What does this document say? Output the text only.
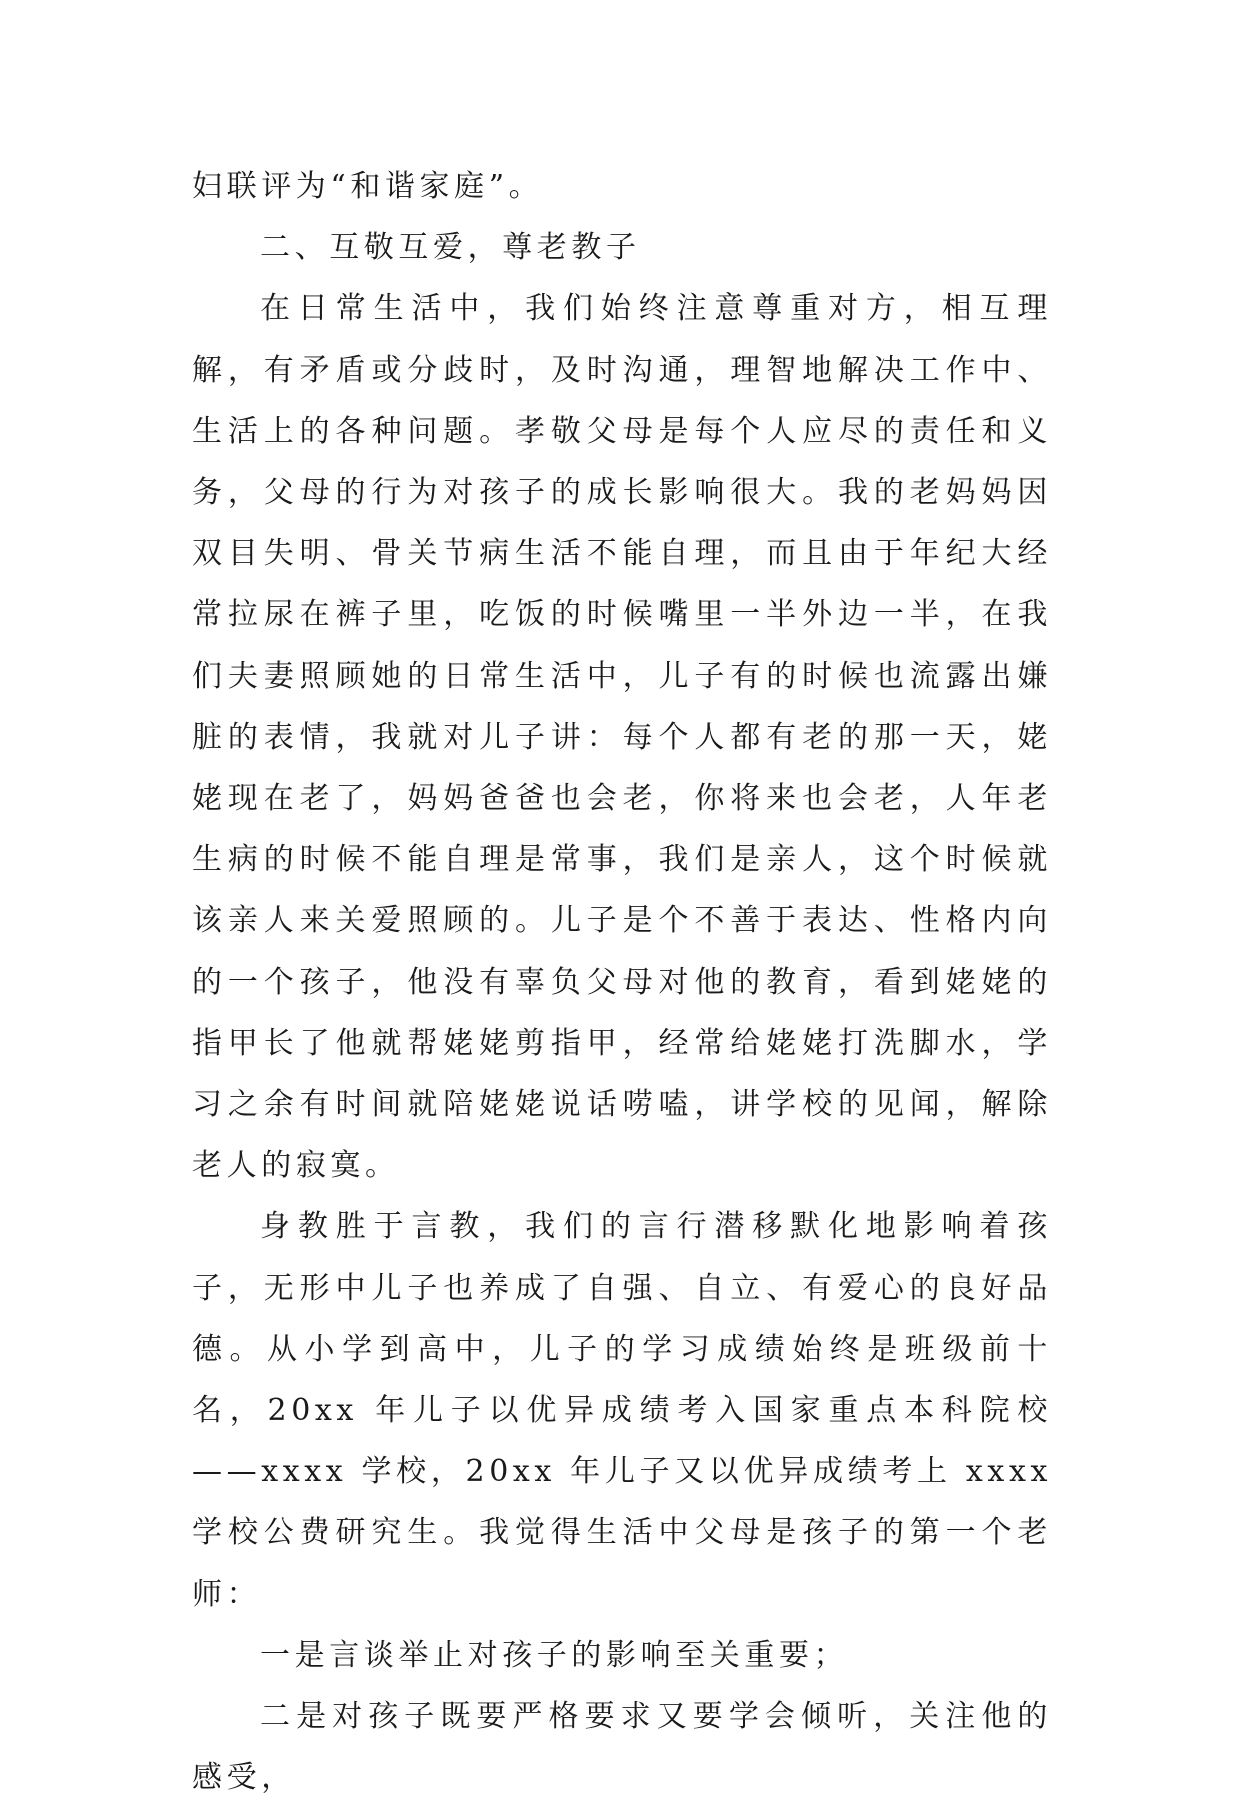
妇联评为“和谐家庭”。

二、互敬互爱，尊老教子

在日常生活中，我们始终注意尊重对方，相互理解，有矛盾或分歧时，及时沟通，理智地解决工作中、生活上的各种问题。孝敬父母是每个人应尽的责任和义务，父母的行为对孩子的成长影响很大。我的老妈妈因双目失明、骨关节病生活不能自理，而且由于年纪大经常拉尿在裤子里，吃饭的时候嘴里一半外边一半，在我们夫妻照顾她的日常生活中，儿子有的时候也流露出嫌脏的表情，我就对儿子讲：每个人都有老的那一天，姥姥现在老了，妈妈爸爸也会老，你将来也会老，人年老生病的时候不能自理是常事，我们是亲人，这个时候就该亲人来关爱照顾的。儿子是个不善于表达、性格内向的一个孩子，他没有辜负父母对他的教育，看到姥姥的指甲长了他就帮姥姥剪指甲，经常给姥姥打洗脚水，学习之余有时间就陪姥姥说话唠嗑，讲学校的见闻，解除老人的寂寞。

身教胜于言教，我们的言行潜移默化地影响着孩子，无形中儿子也养成了自强、自立、有爱心的良好品德。从小学到高中，儿子的学习成绩始终是班级前十名，20xx 年儿子以优异成绩考入国家重点本科院校——xxxx 学校，20xx 年儿子又以优异成绩考上 xxxx 学校公费研究生。我觉得生活中父母是孩子的第一个老师：

一是言谈举止对孩子的影响至关重要；

二是对孩子既要严格要求又要学会倾听，关注他的感受，
